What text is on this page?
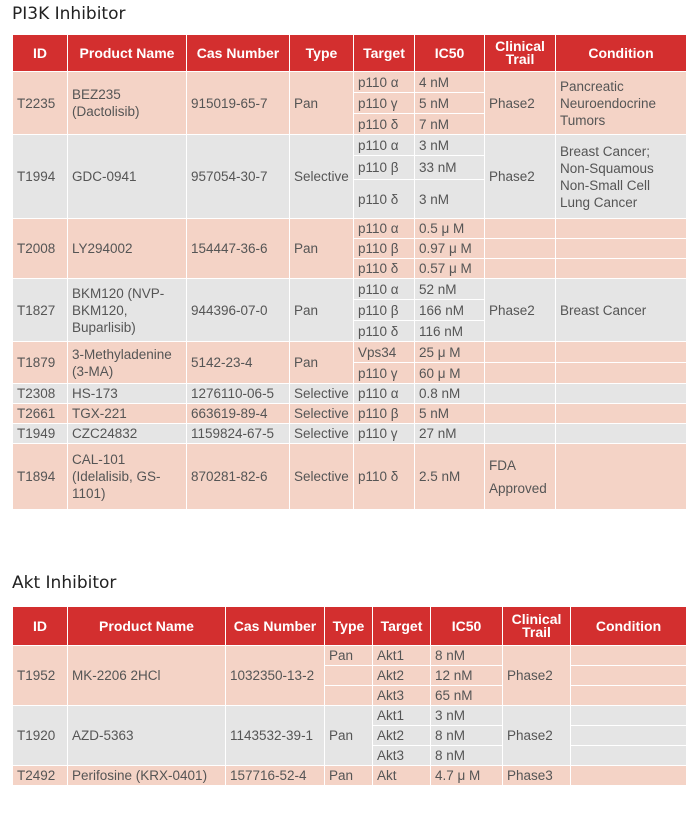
PI3K Inhibitor
ID	Product Name	Cas Number	Type	Target	IC50	Clinical Trail	Condition
T2235	BEZ235 (Dactolisib)	915019-65-7	Pan	p110 α	4 nM	Phase2	Pancreatic Neuroendocrine Tumors
				p110 γ	5 nM		
				p110 δ	7 nM		
T1994	GDC-0941	957054-30-7	Selective	p110 α	3 nM	Phase2	Breast Cancer; Non-Squamous Non-Small Cell Lung Cancer
				p110 β	33 nM		
				p110 δ	3 nM		
T2008	LY294002	154447-36-6	Pan	p110 α	0.5 μ M		
				p110 β	0.97 μ M		
				p110 δ	0.57 μ M		
T1827	BKM120 (NVP-BKM120, Buparlisib)	944396-07-0	Pan	p110 α	52 nM	Phase2	Breast Cancer
				p110 β	166 nM		
				p110 δ	116 nM		
T1879	3-Methyladenine (3-MA)	5142-23-4	Pan	Vps34	25 μ M		
				p110 γ	60 μ M		
T2308	HS-173	1276110-06-5	Selective	p110 α	0.8 nM		
T2661	TGX-221	663619-89-4	Selective	p110 β	5 nM		
T1949	CZC24832	1159824-67-5	Selective	p110 γ	27 nM		
T1894	CAL-101 (Idelalisib, GS-1101)	870281-82-6	Selective	p110 δ	2.5 nM	FDA Approved	
Akt Inhibitor
ID	Product Name	Cas Number	Type	Target	IC50	Clinical Trail	Condition
T1952	MK-2206 2HCl	1032350-13-2	Pan	Akt1	8 nM	Phase2	
				Akt2	12 nM		
				Akt3	65 nM		
T1920	AZD-5363	1143532-39-1	Pan	Akt1	3 nM	Phase2	
				Akt2	8 nM		
				Akt3	8 nM		
T2492	Perifosine (KRX-0401)	157716-52-4	Pan	Akt	4.7 μ M	Phase3	
